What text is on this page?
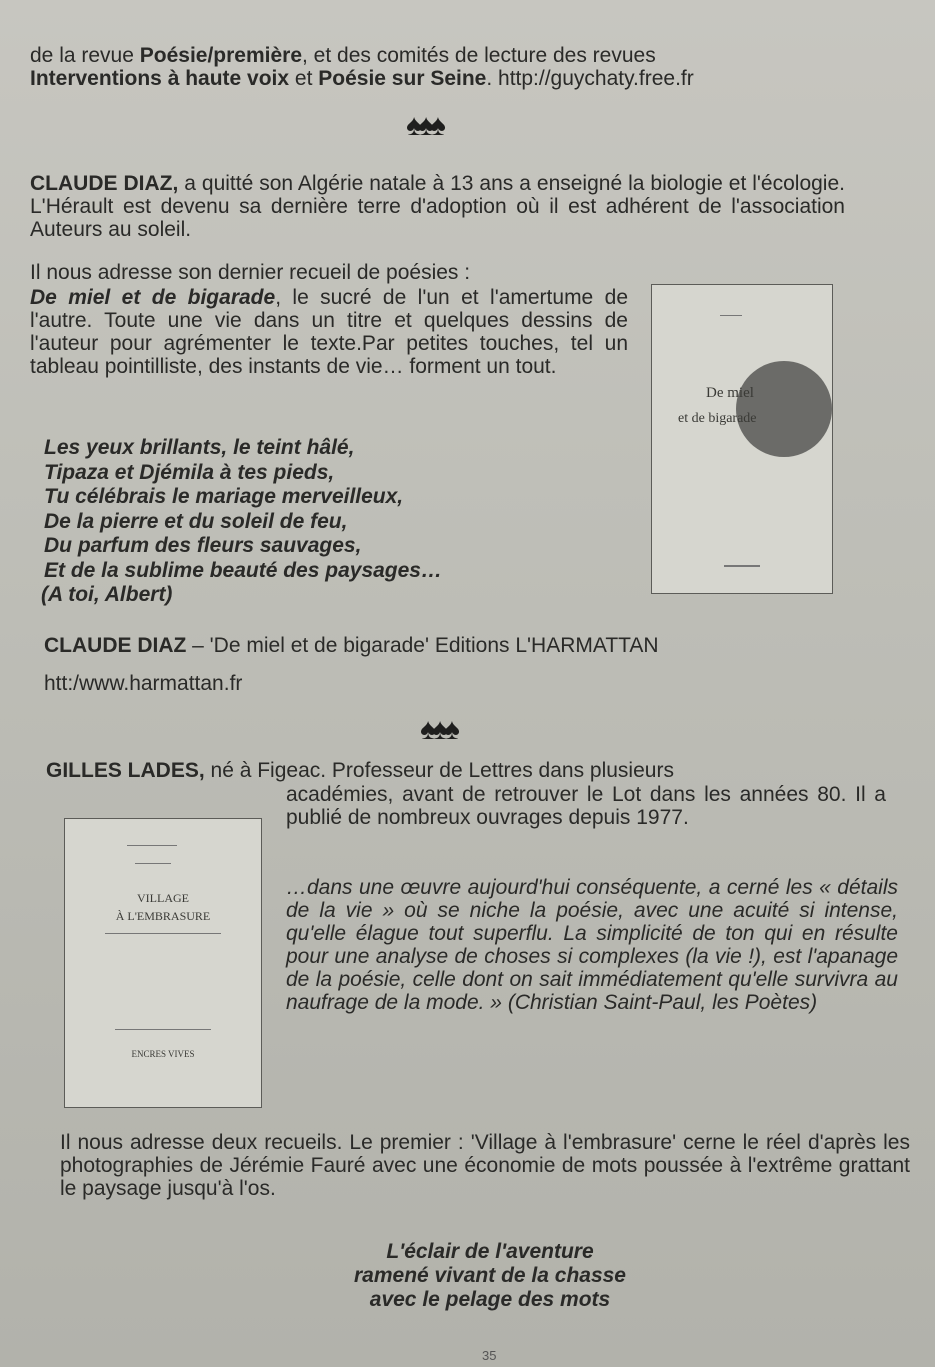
de la revue Poésie/première, et des comités de lecture des revues
Interventions à haute voix et Poésie sur Seine. http://guychaty.free.fr
♠♠♠
CLAUDE DIAZ, a quitté son Algérie natale à 13 ans a enseigné la biologie et l'écologie. L'Hérault est devenu sa dernière terre d'adoption où il est adhérent de l'association Auteurs au soleil.
Il nous adresse son dernier recueil de poésies :
De miel et de bigarade, le sucré de l'un et l'amertume de l'autre. Toute une vie dans un titre et quelques dessins de l'auteur pour agrémenter le texte.Par petites touches, tel un tableau pointilliste, des instants de vie… forment un tout.
Les yeux brillants, le teint hâlé,
Tipaza et Djémila à tes pieds,
Tu célébrais le mariage merveilleux,
De la pierre et du soleil de feu,
Du parfum des fleurs sauvages,
Et de la sublime beauté des paysages…
(A toi, Albert)
CLAUDE DIAZ – 'De miel et de bigarade' Editions L'HARMATTAN
htt:/www.harmattan.fr
De miel
et de bigarade
♠♠♠
GILLES LADES, né à Figeac. Professeur de Lettres dans plusieurs
académies, avant de retrouver le Lot dans les années 80. Il a publié de nombreux ouvrages depuis 1977.
…dans une œuvre aujourd'hui conséquente, a cerné les « détails de la vie » où se niche la poésie, avec une acuité si intense, qu'elle élague tout superflu. La simplicité de ton qui en résulte pour une analyse de choses si complexes (la vie !), est l'apanage de la poésie, celle dont on sait immédiatement qu'elle survivra au naufrage de la mode. » (Christian Saint-Paul, les Poètes)
VILLAGE
À L'EMBRASURE
ENCRES VIVES
Il nous adresse deux recueils. Le premier : 'Village à l'embrasure' cerne le réel d'après les photographies de Jérémie Fauré avec une économie de mots poussée à l'extrême grattant le paysage jusqu'à l'os.
L'éclair de l'aventure
ramené vivant de la chasse
avec le pelage des mots
35
